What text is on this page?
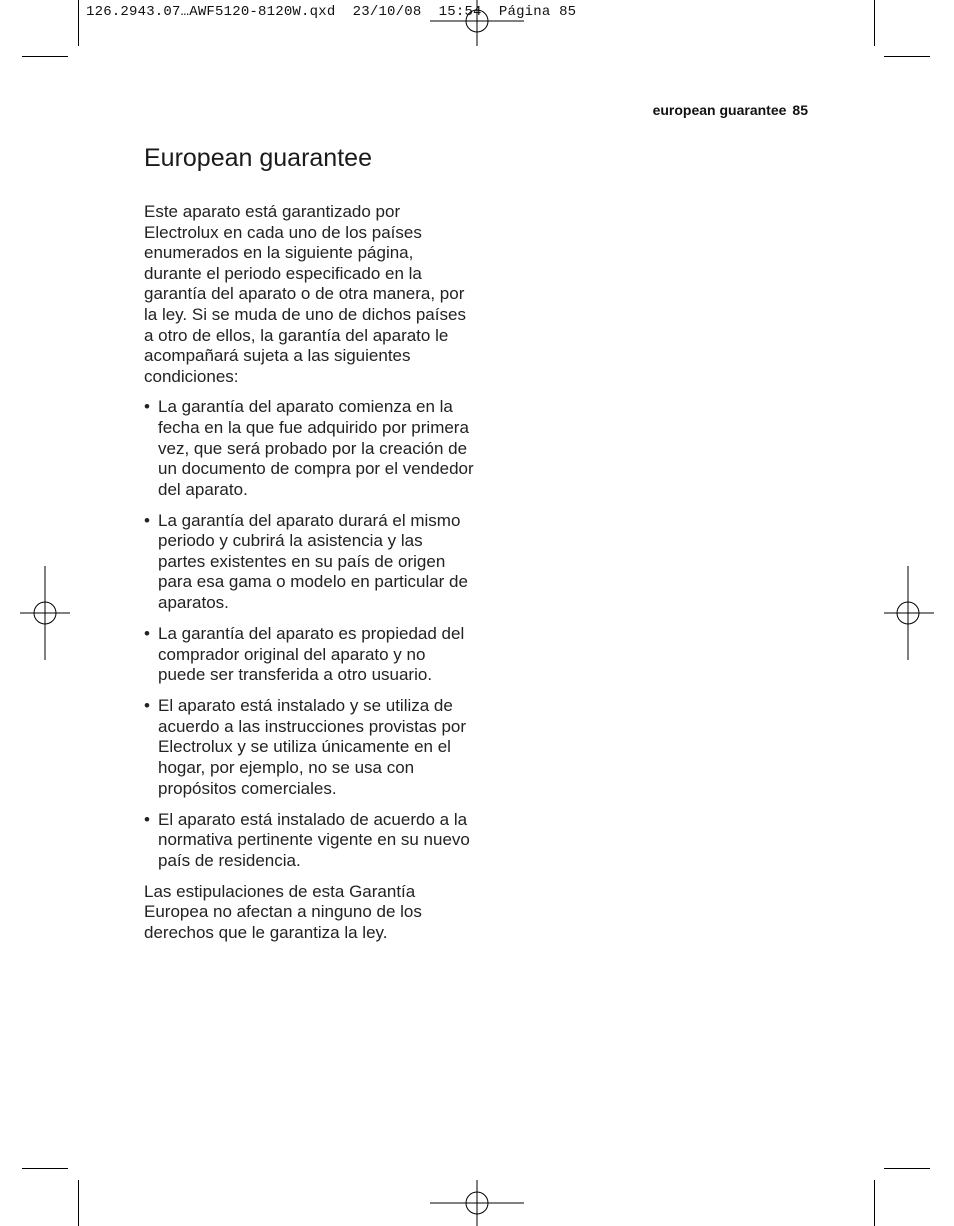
126.2943.07…AWF5120-8120W.qxd  23/10/08  15:54  Página 85
european guarantee 85
European guarantee

Este aparato está garantizado por Electrolux en cada uno de los países enumerados en la siguiente página, durante el periodo especificado en la garantía del aparato o de otra manera, por la ley. Si se muda de uno de dichos países a otro de ellos, la garantía del aparato le acompañará sujeta a las siguientes condiciones:

• La garantía del aparato comienza en la fecha en la que fue adquirido por primera vez, que será probado por la creación de un documento de compra por el vendedor del aparato.
• La garantía del aparato durará el mismo periodo y cubrirá la asistencia y las partes existentes en su país de origen para esa gama o modelo en particular de aparatos.
• La garantía del aparato es propiedad del comprador original del aparato y no puede ser transferida a otro usuario.
• El aparato está instalado y se utiliza de acuerdo a las instrucciones provistas por Electrolux y se utiliza únicamente en el hogar, por ejemplo, no se usa con propósitos comerciales.
• El aparato está instalado de acuerdo a la normativa pertinente vigente en su nuevo país de residencia.

Las estipulaciones de esta Garantía Europea no afectan a ninguno de los derechos que le garantiza la ley.
